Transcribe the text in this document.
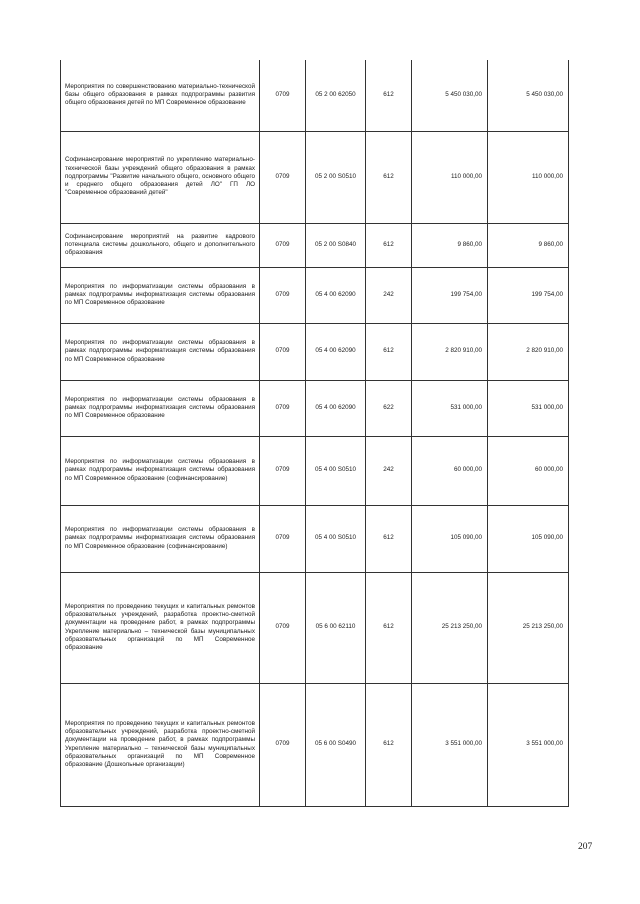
Мероприятия по совершенствованию материально-технической базы общего образования в рамках подпрограммы развития общего образования детей по МП Современное образование	0709	05 2 00 62050	612	5 450 030,00	5 450 030,00
Софинансирование мероприятий по укреплению материально-технической базы учреждений общего образования в рамках подпрограммы "Развитие начального общего, основного общего и среднего общего образования детей ЛО" ГП ЛО "Современное образований детей"	0709	05 2 00 S0510	612	110 000,00	110 000,00
Софинансирование мероприятий на развитие кадрового потенциала системы дошкольного, общего и дополнительного образования	0709	05 2 00 S0840	612	9 860,00	9 860,00
Мероприятия по информатизации системы образования в рамках подпрограммы информатизация системы образования по МП Современное образование	0709	05 4 00 62090	242	199 754,00	199 754,00
Мероприятия по информатизации системы образования в рамках подпрограммы информатизация системы образования по МП Современное образование	0709	05 4 00 62090	612	2 820 910,00	2 820 910,00
Мероприятия по информатизации системы образования в рамках подпрограммы информатизация системы образования по МП Современное образование	0709	05 4 00 62090	622	531 000,00	531 000,00
Мероприятия по информатизации системы образования в рамках подпрограммы информатизация системы образования по МП Современное образование (софинансирование)	0709	05 4 00 S0510	242	60 000,00	60 000,00
Мероприятия по информатизации системы образования в рамках подпрограммы информатизация системы образования по МП Современное образование (софинансирование)	0709	05 4 00 S0510	612	105 090,00	105 090,00
Мероприятия по проведению текущих и капитальных ремонтов образовательных учреждений, разработка проектно-сметной документации на проведение работ, в рамках подпрограммы Укрепление материально – технической базы муниципальных образовательных организаций по МП Современное образование	0709	05 6 00 62110	612	25 213 250,00	25 213 250,00
Мероприятия по проведению текущих и капитальных ремонтов образовательных учреждений, разработка проектно-сметной документации на проведение работ, в рамках подпрограммы Укрепление материально – технической базы муниципальных образовательных организаций по МП Современное образование (Дошкольные организации)	0709	05 6 00 S0490	612	3 551 000,00	3 551 000,00
207
